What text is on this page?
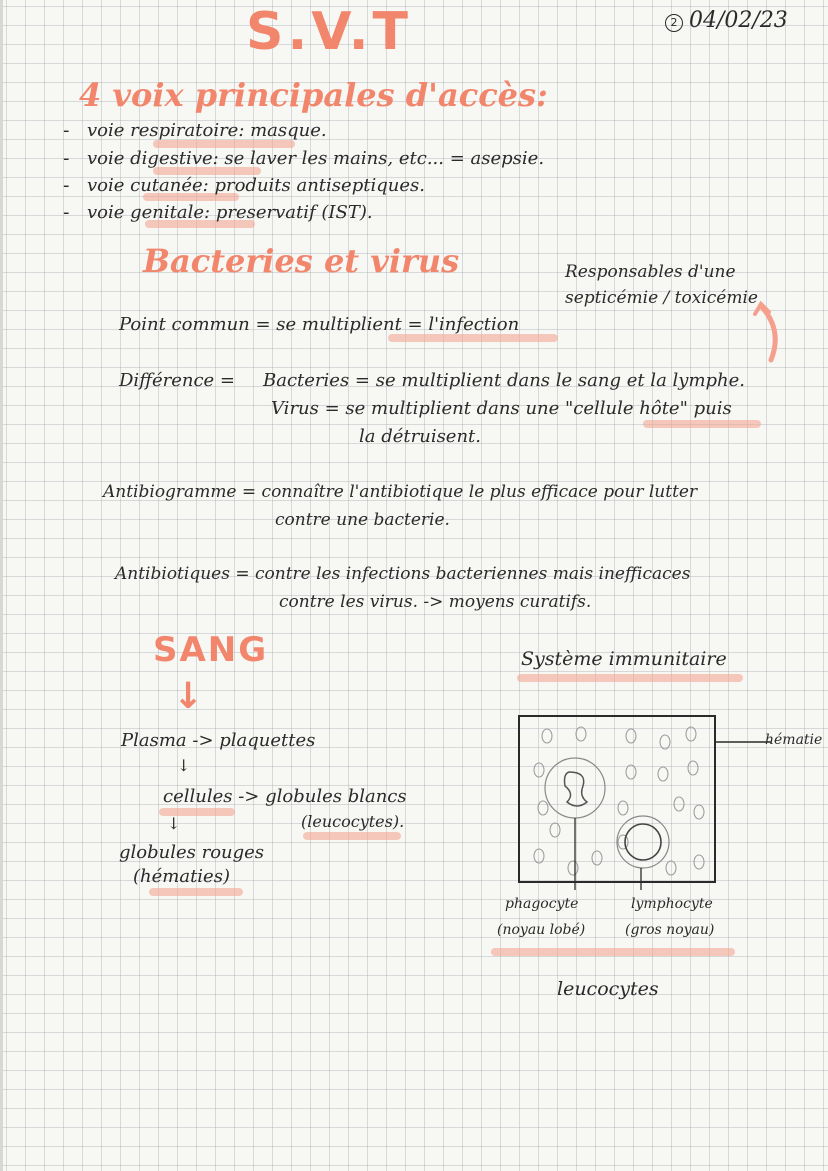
S.V.T	2 04/02/23
4 voix principales d'accès:
- voie respiratoire: masque.
- voie digestive: se laver les mains, etc... = asepsie.
- voie cutanée: produits antiseptiques.
- voie genitale: preservatif (IST).
Bacteries et virus	Responsables d'une
septicémie / toxicémie
Point commun = se multiplient = l'infection
Différence = Bacteries = se multiplient dans le sang et la lymphe.
Virus = se multiplient dans une "cellule hôte" puis
la détruisent.
Antibiogramme = connaître l'antibiotique le plus efficace pour lutter
contre une bacterie.
Antibiotiques = contre les infections bacteriennes mais inefficaces
contre les virus. -> moyens curatifs.
SANG
↓
Plasma -> plaquettes
↓
cellules -> globules blancs
(leucocytes).
↓
globules rouges
(hématies)
Système immunitaire
hématie
phagocyte
(noyau lobé)
lymphocyte
(gros noyau)
leucocytes
